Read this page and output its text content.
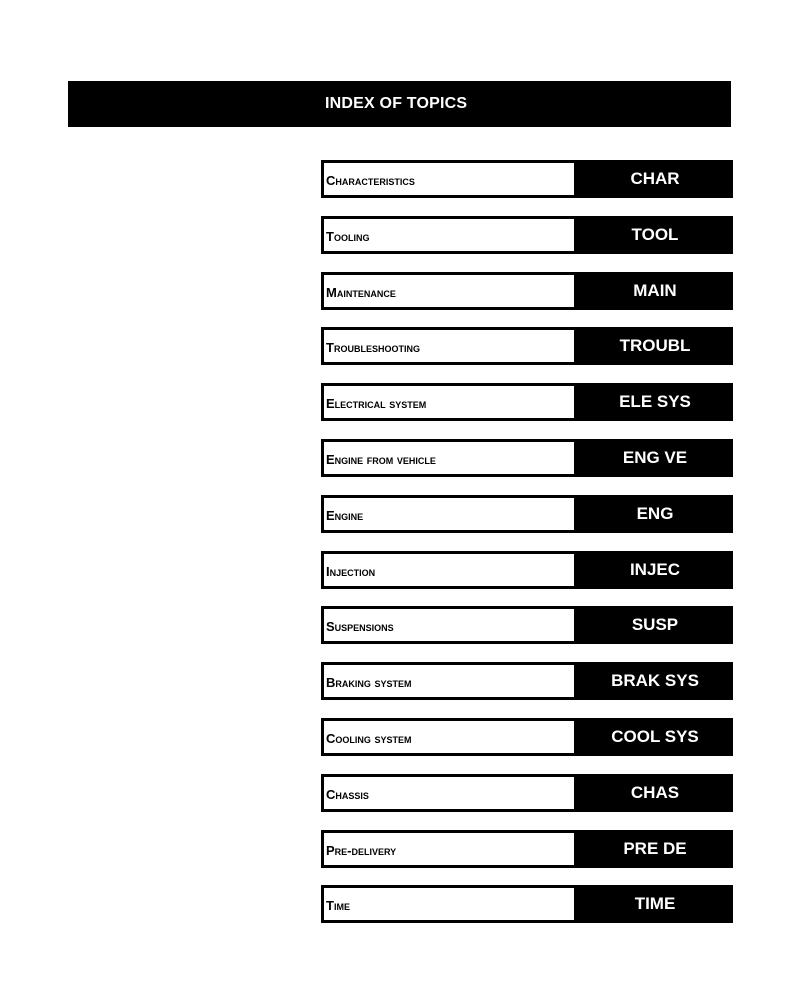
INDEX OF TOPICS
Characteristics	CHAR
Tooling	TOOL
Maintenance	MAIN
Troubleshooting	TROUBL
Electrical system	ELE SYS
Engine from vehicle	ENG VE
Engine	ENG
Injection	INJEC
Suspensions	SUSP
Braking system	BRAK SYS
Cooling system	COOL SYS
Chassis	CHAS
Pre-delivery	PRE DE
Time	TIME
